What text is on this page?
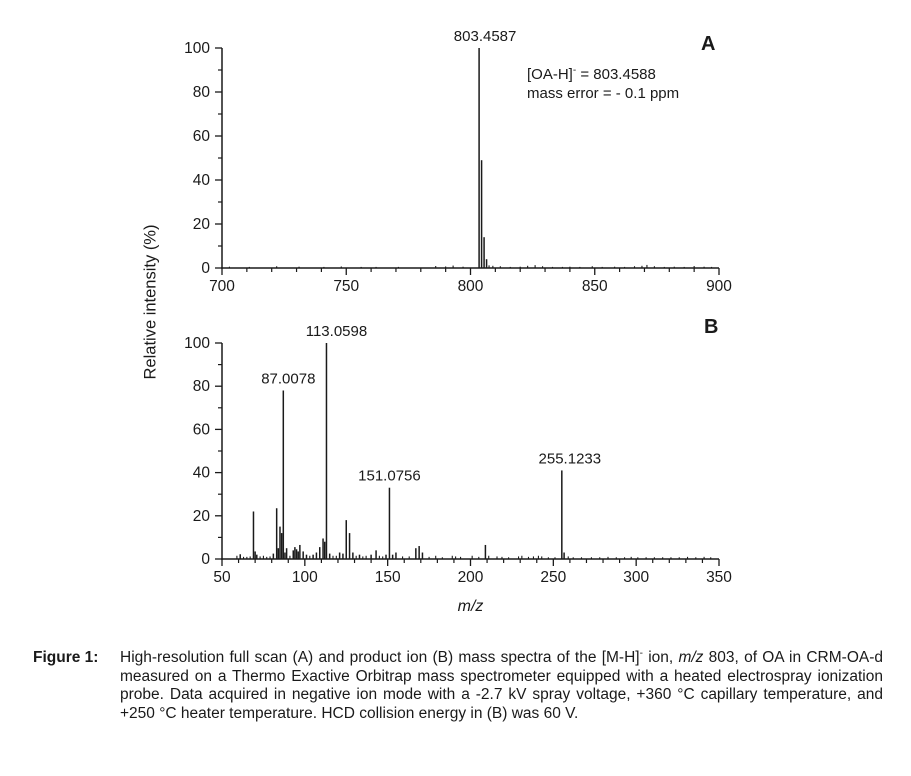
0
20
40
60
80
100
700	750	800	850	900
803.4587
0
20
40
60
80
100
50	100	150	200	250	300	350
87.0078
113.0598
151.0756
255.1233
Relative intensity (%)
A
B
[OA-H]- = 803.4588
mass error = - 0.1 ppm
m/z
Figure 1:	High-resolution full scan (A) and product ion (B) mass spectra of the [M-H]- ion, m/z 803, of OA in CRM-OA-d measured on a Thermo Exactive Orbitrap mass spectrometer equipped with a heated electrospray ionization probe. Data acquired in negative ion mode with a -2.7 kV spray voltage, +360 °C capillary temperature, and +250 °C heater temperature. HCD collision energy in (B) was 60 V.
